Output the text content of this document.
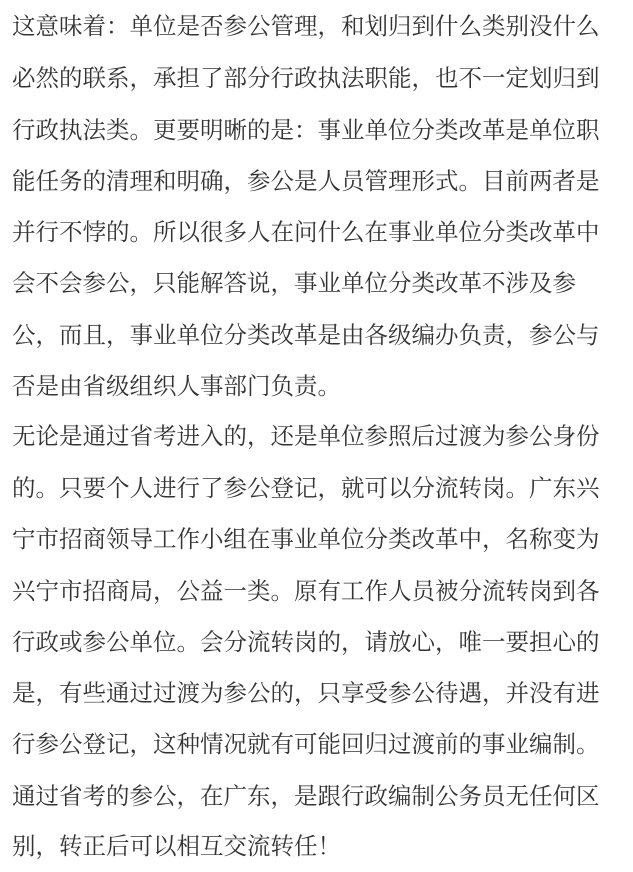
这意味着：单位是否参公管理，和划归到什么类别没什么
必然的联系，承担了部分行政执法职能，也不一定划归到
行政执法类。更要明晰的是：事业单位分类改革是单位职
能任务的清理和明确，参公是人员管理形式。目前两者是
并行不悖的。所以很多人在问什么在事业单位分类改革中
会不会参公，只能解答说，事业单位分类改革不涉及参
公，而且，事业单位分类改革是由各级编办负责，参公与
否是由省级组织人事部门负责。
无论是通过省考进入的，还是单位参照后过渡为参公身份
的。只要个人进行了参公登记，就可以分流转岗。广东兴
宁市招商领导工作小组在事业单位分类改革中，名称变为
兴宁市招商局，公益一类。原有工作人员被分流转岗到各
行政或参公单位。会分流转岗的，请放心，唯一要担心的
是，有些通过过渡为参公的，只享受参公待遇，并没有进
行参公登记，这种情况就有可能回归过渡前的事业编制。
通过省考的参公，在广东，是跟行政编制公务员无任何区
别，转正后可以相互交流转任！
